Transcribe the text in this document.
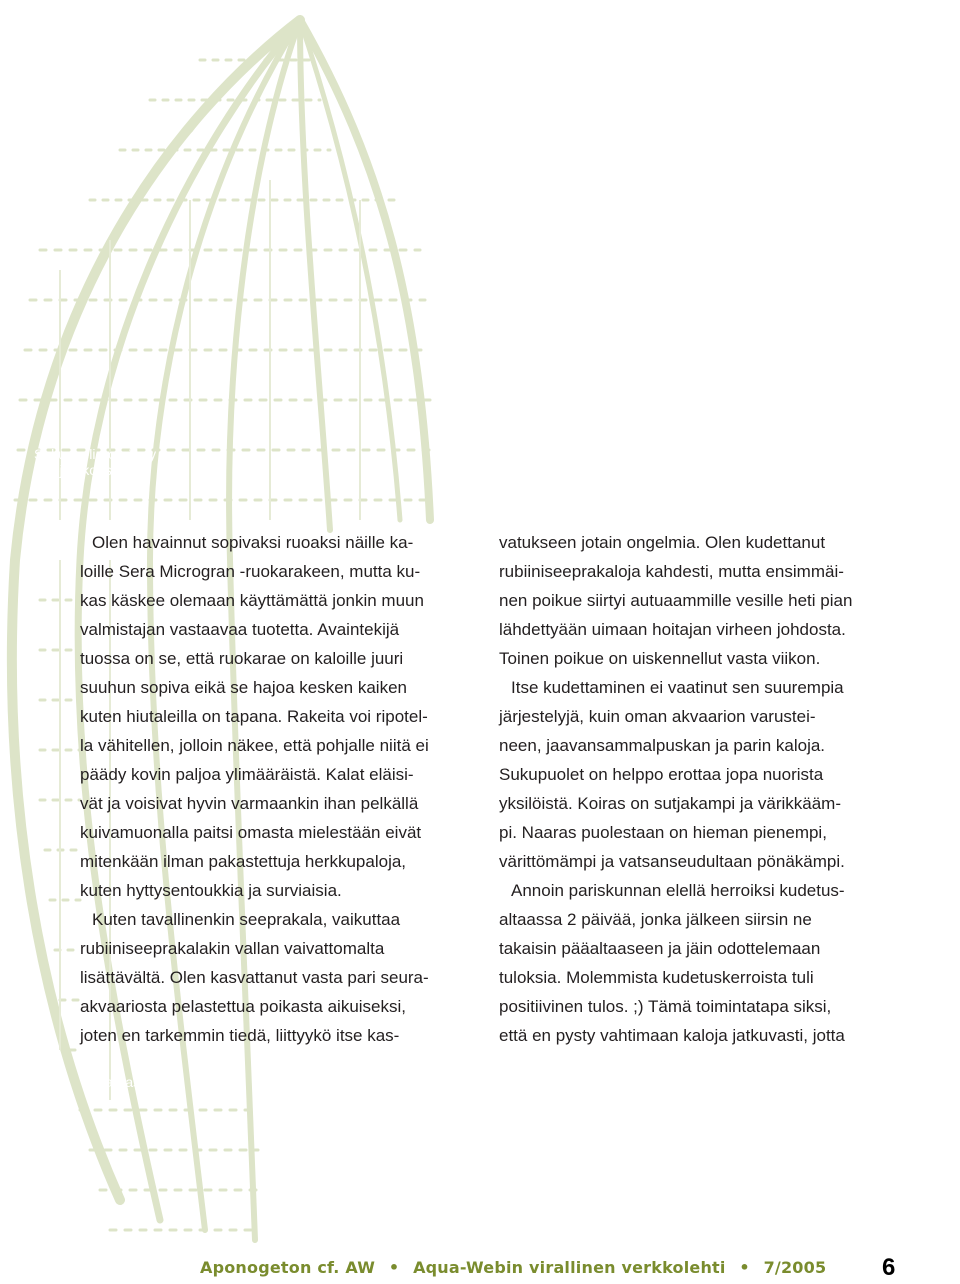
Sukupuoliero näkyy
kalojen koossa
Naaras

Olen havainnut sopivaksi ruoaksi näille ka-
loille Sera Microgran -ruokarakeen, mutta ku-
kas käskee olemaan käyttämättä jonkin muun
valmistajan vastaavaa tuotetta. Avaintekijä
tuossa on se, että ruokarae on kaloille juuri
suuhun sopiva eikä se hajoa kesken kaiken
kuten hiutaleilla on tapana. Rakeita voi ripotel-
la vähitellen, jolloin näkee, että pohjalle niitä ei
päädy kovin paljoa ylimääräistä. Kalat eläisi-
vät ja voisivat hyvin varmaankin ihan pelkällä
kuivamuonalla paitsi omasta mielestään eivät
mitenkään ilman pakastettuja herkkupaloja,
kuten hyttysentoukkia ja surviaisia.

Kuten tavallinenkin seeprakala, vaikuttaa
rubiiniseeprakalakin vallan vaivattomalta
lisättävältä. Olen kasvattanut vasta pari seura-
akvaariosta pelastettua poikasta aikuiseksi,
joten en tarkemmin tiedä, liittyykö itse kas-

vatukseen jotain ongelmia. Olen kudettanut
rubiiniseeprakaloja kahdesti, mutta ensimmäi-
nen poikue siirtyi autuaammille vesille heti pian
lähdettyään uimaan hoitajan virheen johdosta.
Toinen poikue on uiskennellut vasta viikon.

Itse kudettaminen ei vaatinut sen suurempia
järjestelyjä, kuin oman akvaarion varustei-
neen, jaavansammalpuskan ja parin kaloja.
Sukupuolet on helppo erottaa jopa nuorista
yksilöistä. Koiras on sutjakampi ja värikkääm-
pi. Naaras puolestaan on hieman pienempi,
värittömämpi ja vatsanseudultaan pönäkämpi.

Annoin pariskunnan elellä herroiksi kudetus-
altaassa 2 päivää, jonka jälkeen siirsin ne
takaisin pääaltaaseen ja jäin odottelemaan
tuloksia. Molemmista kudetuskerroista tuli
positiivinen tulos. ;) Tämä toimintatapa siksi,
että en pysty vahtimaan kaloja jatkuvasti, jotta

Aponogeton cf. AW • Aqua-Webin virallinen verkkolehti • 7/2005 6
